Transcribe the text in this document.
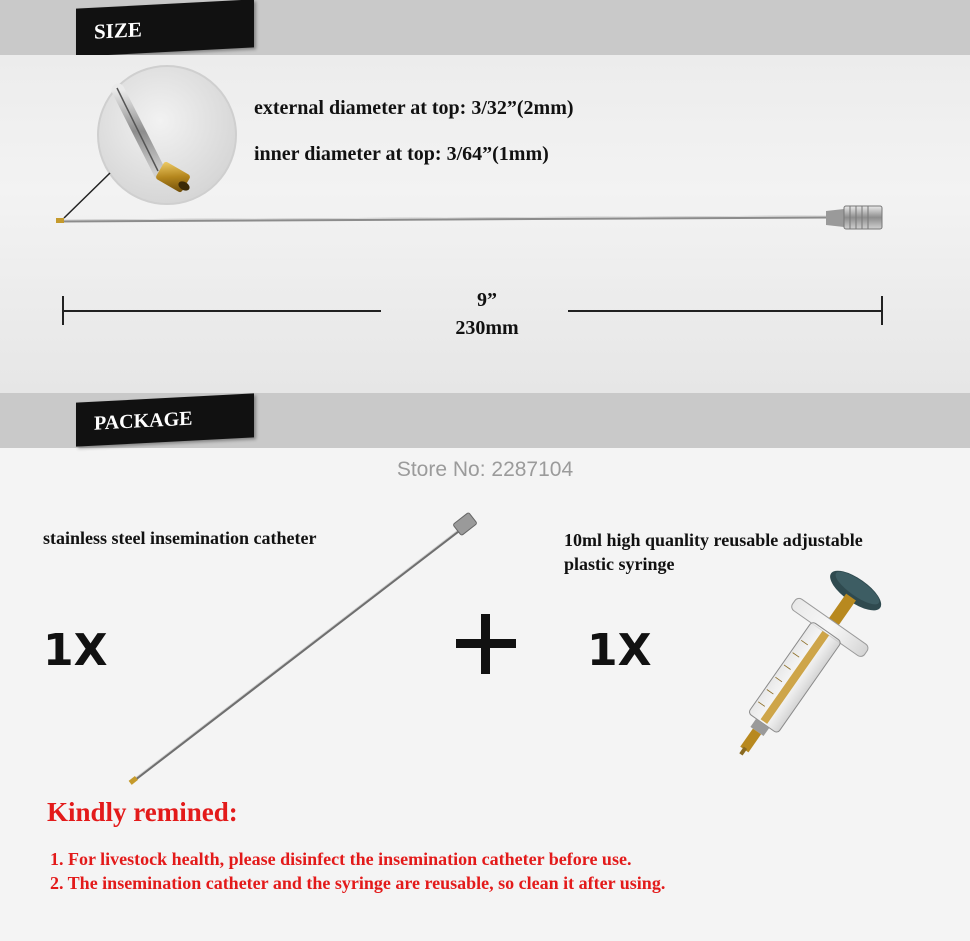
SIZE
external diameter at top: 3/32”(2mm)
inner diameter at top: 3/64”(1mm)
9”
230mm
PACKAGE
Store No: 2287104
stainless steel insemination catheter	10ml high quanlity reusable adjustable
plastic syringe
1X	1X
Kindly remined:
1. For livestock health, please disinfect the insemination catheter before use.
2. The insemination catheter and the syringe are reusable, so clean it after using.
